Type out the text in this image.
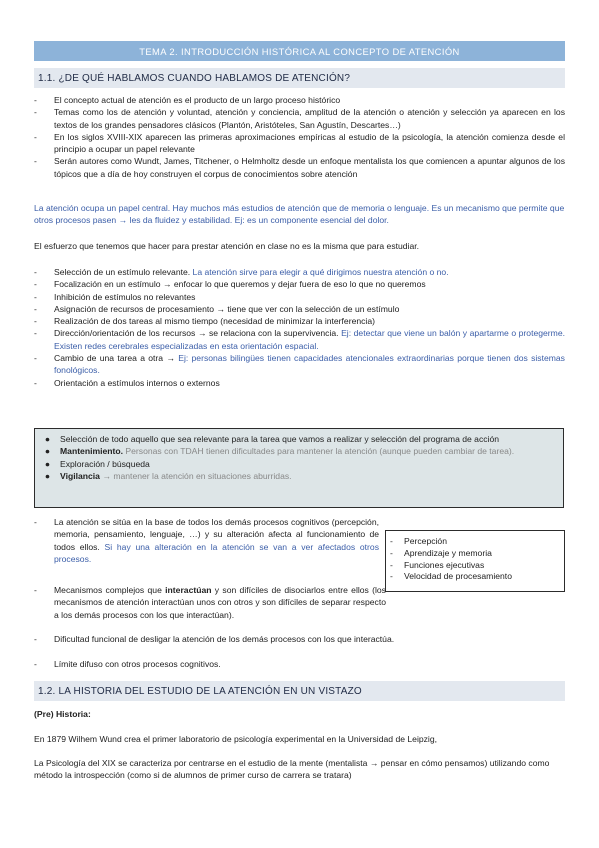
TEMA 2. INTRODUCCIÓN HISTÓRICA AL CONCEPTO DE ATENCIÓN
1.1. ¿DE QUÉ HABLAMOS CUANDO HABLAMOS DE ATENCIÓN?
-	El concepto actual de atención es el producto de un largo proceso histórico
-	Temas como los de atención y voluntad, atención y conciencia, amplitud de la atención o atención y selección ya aparecen en los textos de los grandes pensadores clásicos (Plantón, Aristóteles, San Agustín, Descartes…)
-	En los siglos XVIII-XIX aparecen las primeras aproximaciones empíricas al estudio de la psicología, la atención comienza desde el principio a ocupar un papel relevante
-	Serán autores como Wundt, James, Titchener, o Helmholtz desde un enfoque mentalista los que comiencen a apuntar algunos de los tópicos que a día de hoy construyen el corpus de conocimientos sobre atención
La atención ocupa un papel central. Hay muchos más estudios de atención que de memoria o lenguaje. Es un mecanismo que permite que otros procesos pasen → les da fluidez y estabilidad. Ej: es un componente esencial del dolor.
El esfuerzo que tenemos que hacer para prestar atención en clase no es la misma que para estudiar.
-	Selección de un estímulo relevante. La atención sirve para elegir a qué dirigimos nuestra atención o no.
-	Focalización en un estímulo → enfocar lo que queremos y dejar fuera de eso lo que no queremos
-	Inhibición de estímulos no relevantes
-	Asignación de recursos de procesamiento → tiene que ver con la selección de un estímulo
-	Realización de dos tareas al mismo tiempo (necesidad de minimizar la interferencia)
-	Dirección/orientación de los recursos → se relaciona con la supervivencia. Ej: detectar que viene un balón y apartarme o protegerme. Existen redes cerebrales especializadas en esta orientación espacial.
-	Cambio de una tarea a otra → Ej: personas bilingües tienen capacidades atencionales extraordinarias porque tienen dos sistemas fonológicos.
-	Orientación a estímulos internos o externos
●	Selección de todo aquello que sea relevante para la tarea que vamos a realizar y selección del programa de acción
●	Mantenimiento. Personas con TDAH tienen dificultades para mantener la atención (aunque pueden cambiar de tarea).
●	Exploración / búsqueda
●	Vigilancia → mantener la atención en situaciones aburridas.
-	La atención se sitúa en la base de todos los demás procesos cognitivos (percepción, memoria, pensamiento, lenguaje, …) y su alteración afecta al funcionamiento de todos ellos. Si hay una alteración en la atención se van a ver afectados otros procesos.
-	Percepción
-	Aprendizaje y memoria
-	Funciones ejecutivas
-	Velocidad de procesamiento
-	Mecanismos complejos que interactúan y son difíciles de disociarlos entre ellos (los mecanismos de atención interactúan unos con otros y son difíciles de separar respecto a los demás procesos con los que interactúan).
-	Dificultad funcional de desligar la atención de los demás procesos con los que interactúa.
-	Límite difuso con otros procesos cognitivos.
1.2. LA HISTORIA DEL ESTUDIO DE LA ATENCIÓN EN UN VISTAZO
(Pre) Historia:
En 1879 Wilhem Wund crea el primer laboratorio de psicología experimental en la Universidad de Leipzig,
La Psicología del XIX se caracteriza por centrarse en el estudio de la mente (mentalista → pensar en cómo pensamos) utilizando como método la introspección (como si de alumnos de primer curso de carrera se tratara)
